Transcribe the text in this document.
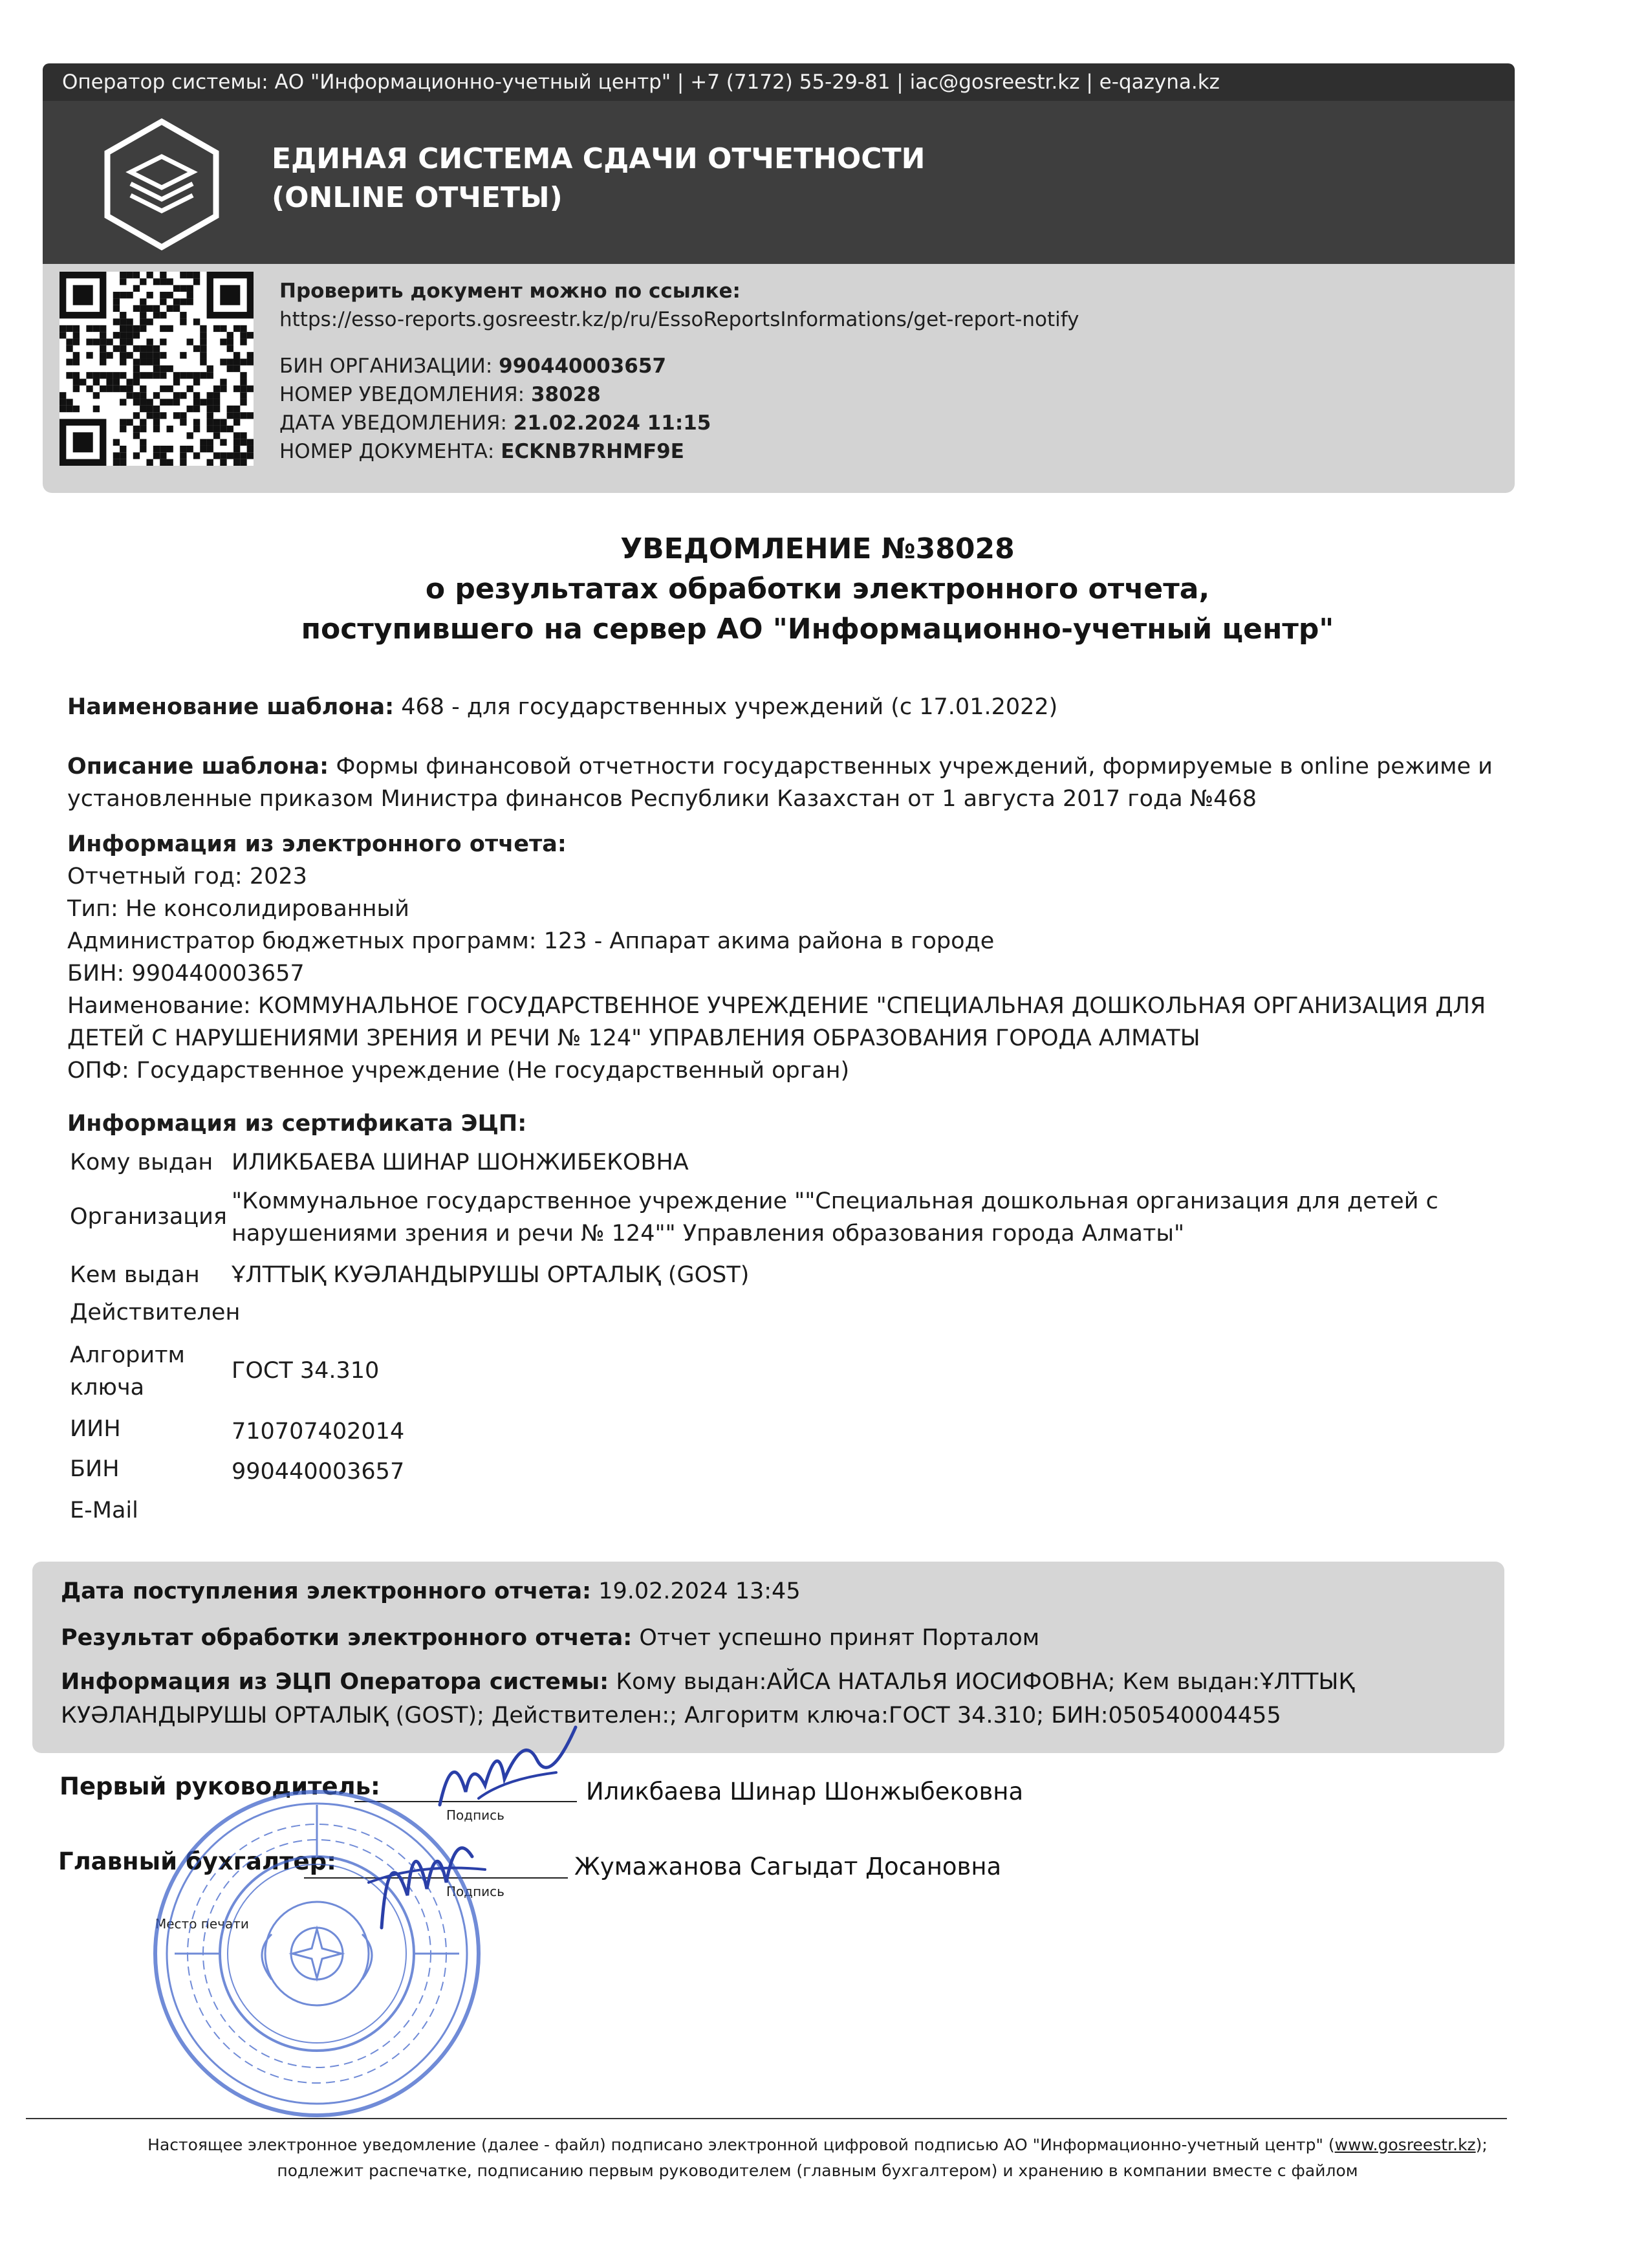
Оператор системы: АО "Информационно-учетный центр" | +7 (7172) 55-29-81 | iac@gosreestr.kz | e-qazyna.kz
ЕДИНАЯ СИСТЕМА СДАЧИ ОТЧЕТНОСТИ
(ONLINE ОТЧЕТЫ)
Проверить документ можно по ссылке:
https://esso-reports.gosreestr.kz/p/ru/EssoReportsInformations/get-report-notify
БИН ОРГАНИЗАЦИИ: 990440003657
НОМЕР УВЕДОМЛЕНИЯ: 38028
ДАТА УВЕДОМЛЕНИЯ: 21.02.2024 11:15
НОМЕР ДОКУМЕНТА: ECKNB7RHMF9E
УВЕДОМЛЕНИЕ №38028
о результатах обработки электронного отчета,
поступившего на сервер АО "Информационно-учетный центр"
Наименование шаблона: 468 - для государственных учреждений (с 17.01.2022)
Описание шаблона: Формы финансовой отчетности государственных учреждений, формируемые в online режиме и
установленные приказом Министра финансов Республики Казахстан от 1 августа 2017 года №468
Информация из электронного отчета:
Отчетный год: 2023
Тип: Не консолидированный
Администратор бюджетных программ: 123 - Аппарат акима района в городе
БИН: 990440003657
Наименование: КОММУНАЛЬНОЕ ГОСУДАРСТВЕННОЕ УЧРЕЖДЕНИЕ "СПЕЦИАЛЬНАЯ ДОШКОЛЬНАЯ ОРГАНИЗАЦИЯ ДЛЯ
ДЕТЕЙ С НАРУШЕНИЯМИ ЗРЕНИЯ И РЕЧИ № 124" УПРАВЛЕНИЯ ОБРАЗОВАНИЯ ГОРОДА АЛМАТЫ
ОПФ: Государственное учреждение (Не государственный орган)
Информация из сертификата ЭЦП:
Кому выдан ИЛИКБАЕВА ШИНАР ШОНЖИБЕКОВНА
Организация
"Коммунальное государственное учреждение ""Специальная дошкольная организация для детей с
нарушениями зрения и речи № 124"" Управления образования города Алматы"
Кем выдан ҰЛТТЫҚ КУӘЛАНДЫРУШЫ ОРТАЛЫҚ (GOST)
Действителен
Алгоритм
ключа
ГОСТ 34.310
ИИН	710707402014
БИН	990440003657
E-Mail
Дата поступления электронного отчета: 19.02.2024 13:45
Результат обработки электронного отчета: Отчет успешно принят Порталом
Информация из ЭЦП Оператора системы: Кому выдан:АЙСА НАТАЛЬЯ ИОСИФОВНА; Кем выдан:ҰЛТТЫҚ
КУӘЛАНДЫРУШЫ ОРТАЛЫҚ (GOST); Действителен:; Алгоритм ключа:ГОСТ 34.310; БИН:050540004455
Первый руководитель:
Подпись
Иликбаева Шинар Шонжыбековна
Главный бухгалтер:
Подпись
Жумажанова Сагыдат Досановна
Место печати
Настоящее электронное уведомление (далее - файл) подписано электронной цифровой подписью АО "Информационно-учетный центр" (www.gosreestr.kz);
подлежит распечатке, подписанию первым руководителем (главным бухгалтером) и хранению в компании вместе с файлом
